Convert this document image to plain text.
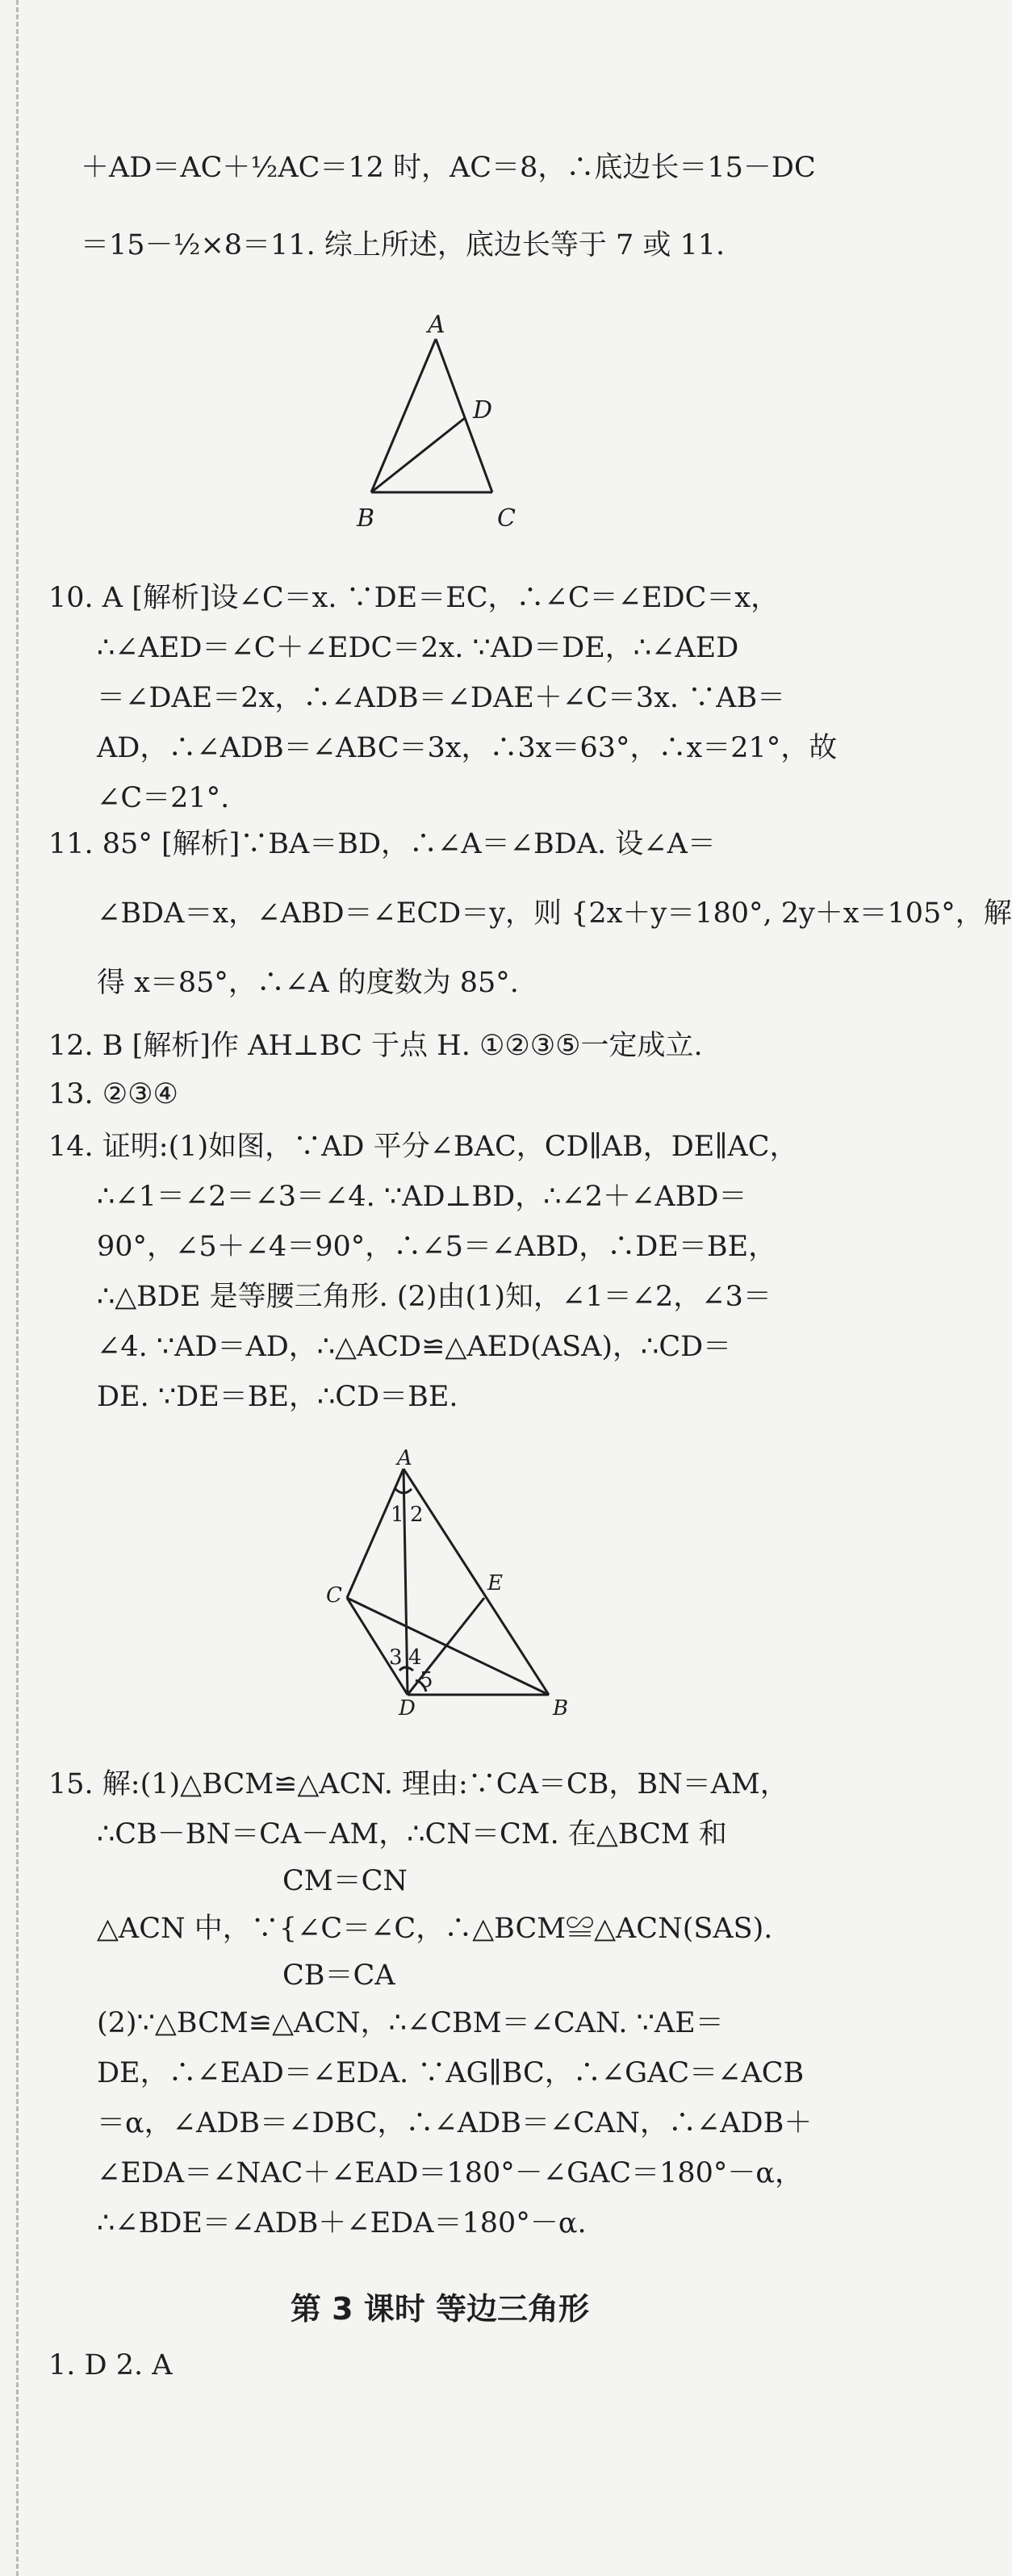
＋AD＝AC＋½AC＝12 时，AC＝8，∴底边长＝15－DC
＝15－½×8＝11. 综上所述，底边长等于 7 或 11.
A
B	C
D
10. A [解析]设∠C＝x. ∵DE＝EC，∴∠C＝∠EDC＝x，
∴∠AED＝∠C＋∠EDC＝2x. ∵AD＝DE，∴∠AED
＝∠DAE＝2x，∴∠ADB＝∠DAE＋∠C＝3x. ∵AB＝
AD，∴∠ADB＝∠ABC＝3x，∴3x＝63°，∴x＝21°，故
∠C＝21°.
11. 85° [解析]∵BA＝BD，∴∠A＝∠BDA. 设∠A＝
∠BDA＝x，∠ABD＝∠ECD＝y，则 {2x＋y＝180°, 2y＋x＝105°，解
得 x＝85°，∴∠A 的度数为 85°.
12. B [解析]作 AH⊥BC 于点 H. ①②③⑤一定成立.
13. ②③④
14. 证明:(1)如图，∵AD 平分∠BAC，CD∥AB，DE∥AC，
∴∠1＝∠2＝∠3＝∠4. ∵AD⊥BD，∴∠2＋∠ABD＝
90°，∠5＋∠4＝90°，∴∠5＝∠ABD，∴DE＝BE，
∴△BDE 是等腰三角形. (2)由(1)知，∠1＝∠2，∠3＝
∠4. ∵AD＝AD，∴△ACD≌△AED(ASA)，∴CD＝
DE. ∵DE＝BE，∴CD＝BE.
A
B
C
D
E
1 2
3 4
5
15. 解:(1)△BCM≌△ACN. 理由:∵CA＝CB，BN＝AM，
∴CB－BN＝CA－AM，∴CN＝CM. 在△BCM 和
CM＝CN
△ACN 中，∵{∠C＝∠C，∴△BCM≌△ACN(SAS).
CB＝CA
(2)∵△BCM≌△ACN，∴∠CBM＝∠CAN. ∵AE＝
DE，∴∠EAD＝∠EDA. ∵AG∥BC，∴∠GAC＝∠ACB
＝α，∠ADB＝∠DBC，∴∠ADB＝∠CAN，∴∠ADB＋
∠EDA＝∠NAC＋∠EAD＝180°－∠GAC＝180°－α，
∴∠BDE＝∠ADB＋∠EDA＝180°－α.
第 3 课时 等边三角形
1. D 2. A
